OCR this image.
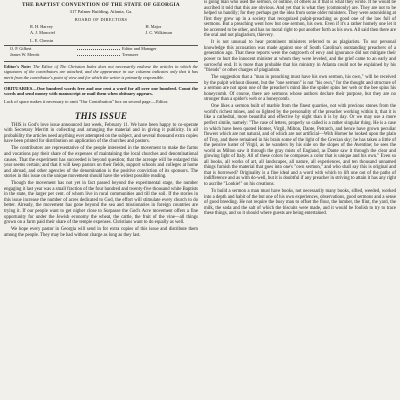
THE BAPTIST CONVENTION OF THE STATE OF GEORGIA
317 Palmer Building, Atlanta, Ga.
BOARD OF DIRECTORS
R. H. Harvey
A. J. Moncrief
H. Major
J. C. Wilkinson
L. E. Chessin
O. P. Gilbert	Editor and Manager
James W. Merritt	Treasurer
Editor's Note: The Editor of The Christian Index does not necessarily endorse the articles in which the signatures of the contributors are attached, and the appearance in our columns indicates only that it has merit from the contributor's point of view and for which the writer is primarily responsible.
OBITUARIES—One hundred words free and one cent a word for all over one hundred. Count the words and send money with manuscript or mail them when obituary appears.
Lack of space makes it necessary to omit "Our Contribution" box on second page.—Editor.
THIS ISSUE

THIS is God's love issue announced last week, February 11. We have been happy to co-operate with Secretary Merritt in collecting and arranging the material and in giving it publicity. In all probability the articles need anything ever attempted on the subject, and several thousand extra copies have been printed for distribution on application of the churches and pastors.

The contributors are representative of the people interested in the movement to make the farms and vocations pay their share of the expenses of maintaining the local churches and denominational causes. That the experiment has succeeded is beyond question; that the acreage will be enlarged this year seems certain; and that it will keep pastors on their fields, support schools and colleges at home and abroad, and other agencies of the denomination is the positive conviction of its sponsors. The stories in this issue on the unique movement should have the widest possible reading.

Though the movement has not yet in fact passed beyond the experimental stage, the number engaging it last year was a small fraction of the four hundred and twenty-five thousand white Baptists in the state, the larger per cent. of whom live in rural communities and till the soil. If the stories in this issue increase the number of acres dedicated to God, the effort will stimulate every church to do better. Already, the movement has gone beyond the sea and missionaries in foreign countries are trying it. If our people want to get nigher close to Surpasse the God's Acre movement offers a fine opportunity for under the Jewish economy the wheat, the cattle, the fruit of the vine—all things grown on a farm paid their share of the temple expenses. Christians want to do equally as well.

We hope every pastor in Georgia will send in for extra copies of this issue and distribute them among the people. They may be had without charge as long as they last.

is going man who used the sermon, or outline, of others as if that is what they wrote. If he would be ascribed it told that this are obvious. And yet that is what they (commonly) are. They are not to be helped so handily; for they perhaps get the idea from some older ministers. They were astonishing at first they grew up in a society that recognized pulpit-preaching as good one of the law full of sermons. But a preaching went how but one sermon, his own. Even if it's a rather homely one let it be accented to be other, and has no moral right to put another forth as his own. All said then there are the oral and not plagiarism, thievery.

It is not unusual to hear prominent ministers referred to as plagiarists. To our personal knowledge this accusation was made against one of South Carolina's outstanding preachers of a generation ago. That these reports were the outgrowth of envy and ignorance did not mitigate their power to hurt the innocent minister at whom they were leveled, and the grief came to an early and sorrowful end. It is more than probable that his ministry in Atlanta could not be explained by his "friends" or other charges of plagiarism.

The suggestion that a "man in preaching must have his own sermon, his own," will be received by the pulpit without dissent, but the "one sermon" is not "his own," for the thought and structure of a sermon are not upon one of the preacher's mind like the spider spins her web or the bee spins his honeycomb. Of course, there are sermons whose authors declare their purpose, but they are no stronger than a spider's web or a honeycomb.

One likes a sermon built of marble from the finest quarries, not with precious stones from the world's richest mines, and so lighted by the personality of the preacher working within it, that it is like a cathedral, more beautiful and effective by night than it is by day. Or we may use a more perfect simile, namely: "The case of letters, properly so called is a rather singular thing. He is a case in which have been quoted Homer, Virgil, Milton, Dante, Petrarch, and hence have grown peculiar flowers which are not natural, and of which are not artificial—With Homer he looked upon the plain of Troy, and there remained in his brain some of the light of the Grecian sky; he has taken a little of the pensive luster of Virgil, as he wanders by his side on the slopes of the Aventine; he sees the world as Milton saw it through the gray mists of England, as Dante saw it through the clear and glowing light of Italy. All of these colors he composes a color that is unique and his own." Even so all books, all works of art, all landscapes, all nature, all experiences, and ten thousand unnamed things furnish the material that goes into one's "own sermon," and who shall say this is original and that is borrowed? Originality is a fine ideal and a word with which to lift one out of the paths of indifference and as with do-well, but it is doubtful if any preacher in striving to attain it has any right to ascribe "Lookie!" on his creations.

To build a sermon a man must have books, not necessarily many books, sifted, weeded, worked into a depth and habit of the but one of his own experiences, observations, good sermons and a sense of good breeding. He not require the busy man to offset the flour, the lumber, the flint, the yard, the milk, the soda and the salt of which the biscuits were made, and it would be foolish to try to trace these things, and so it should where guests are being entertained.
